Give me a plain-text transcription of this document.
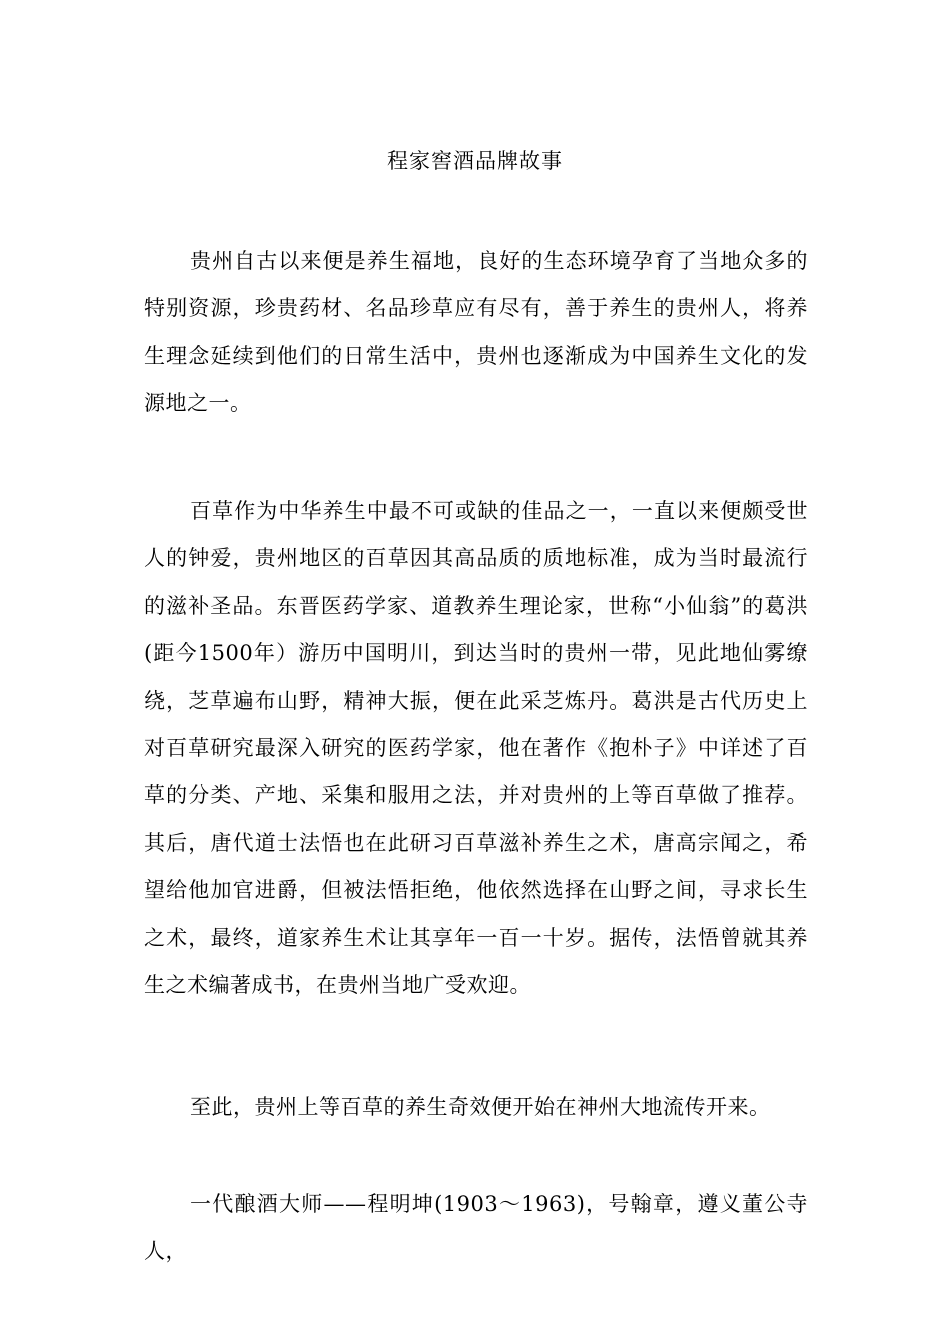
程家窖酒品牌故事

贵州自古以来便是养生福地，良好的生态环境孕育了当地众多的特别资源，珍贵药材、名品珍草应有尽有，善于养生的贵州人，将养生理念延续到他们的日常生活中，贵州也逐渐成为中国养生文化的发源地之一。

百草作为中华养生中最不可或缺的佳品之一，一直以来便颇受世人的钟爱，贵州地区的百草因其高品质的质地标准，成为当时最流行的滋补圣品。东晋医药学家、道教养生理论家，世称“小仙翁”的葛洪(距今1500年）游历中国明川，到达当时的贵州一带，见此地仙雾缭绕，芝草遍布山野，精神大振，便在此采芝炼丹。葛洪是古代历史上对百草研究最深入研究的医药学家，他在著作《抱朴子》中详述了百草的分类、产地、采集和服用之法，并对贵州的上等百草做了推荐。其后，唐代道士法悟也在此研习百草滋补养生之术，唐高宗闻之，希望给他加官进爵，但被法悟拒绝，他依然选择在山野之间，寻求长生之术，最终，道家养生术让其享年一百一十岁。据传，法悟曾就其养生之术编著成书，在贵州当地广受欢迎。

至此，贵州上等百草的养生奇效便开始在神州大地流传开来。

一代酿酒大师——程明坤(1903～1963)，号翰章，遵义董公寺人，
